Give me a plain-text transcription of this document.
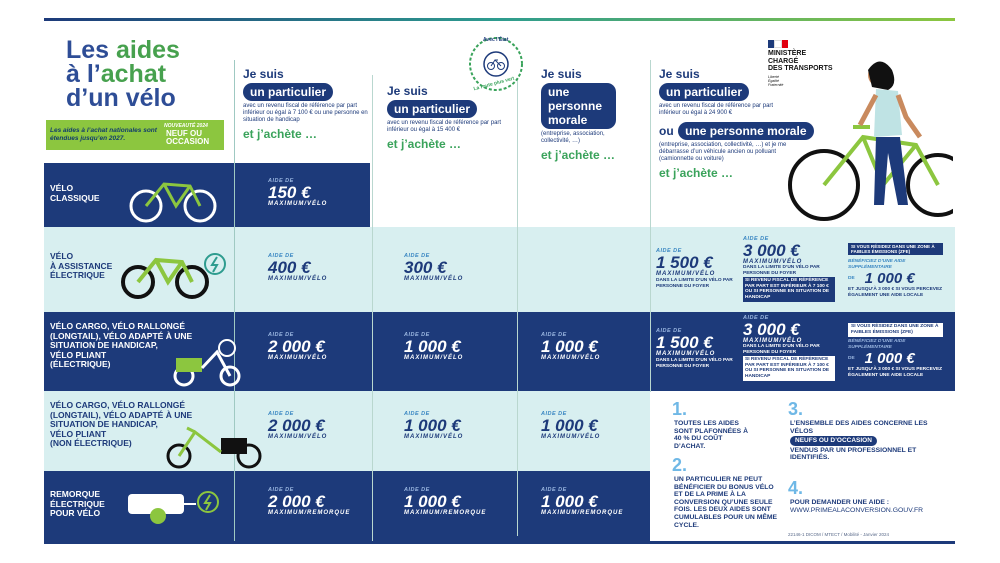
Les aides
à l’achat
d’un vélo
Les aides à l’achat nationales sont étendues jusqu’en 2027.
NOUVEAUTÉ 2024
NEUF OU
OCCASION
Avec l’État
La route plus vert
MINISTÈRE
CHARGÉ
DES TRANSPORTS
Liberté
Égalité
Fraternité
Je suis
un particulier
avec un revenu fiscal de référence par part inférieur ou égal à 7 100 € ou une personne en situation de handicap
et j’achète …
Je suis
un particulier
avec un revenu fiscal de référence par part inférieur ou égal à 15 400 €
et j’achète …
Je suis
une personne morale
(entreprise, association, collectivité, …)
et j’achète …
Je suis
un particulier
avec un revenu fiscal de référence par part inférieur ou égal à 24 900 €
ou une personne morale
(entreprise, association, collectivité, …) et je me débarrasse d’un véhicule ancien ou polluant (camionnette ou voiture)
et j’achète …
VÉLO
CLASSIQUE
VÉLO
À ASSISTANCE
ÉLECTRIQUE
VÉLO CARGO, VÉLO RALLONGÉ
(LONGTAIL), VÉLO ADAPTÉ À UNE
SITUATION DE HANDICAP,
VÉLO PLIANT
(ÉLECTRIQUE)
VÉLO CARGO, VÉLO RALLONGÉ
(LONGTAIL), VÉLO ADAPTÉ À UNE
SITUATION DE HANDICAP,
VÉLO PLIANT
(NON ÉLECTRIQUE)
REMORQUE
ÉLECTRIQUE
POUR VÉLO
AIDE DE
150 €
MAXIMUM/VÉLO
AIDE DE
400 €
MAXIMUM/VÉLO
AIDE DE
300 €
MAXIMUM/VÉLO
AIDE DE
1 500 €
MAXIMUM/VÉLO
DANS LA LIMITE D’UN VÉLO PAR PERSONNE DU FOYER
AIDE DE
3 000 €
MAXIMUM/VÉLO
DANS LA LIMITE D’UN VÉLO PAR PERSONNE DU FOYER
SI REVENU FISCAL DE RÉFÉRENCE PAR PART EST INFÉRIEUR À 7 100 € OU SI PERSONNE EN SITUATION DE HANDICAP
SI VOUS RÉSIDEZ DANS UNE ZONE À FAIBLES ÉMISSIONS (ZFE)
BÉNÉFICIEZ D’UNE AIDE SUPPLÉMENTAIRE
DE 1 000 €
ET JUSQU’À 3 000 € SI VOUS PERCEVEZ ÉGALEMENT UNE AIDE LOCALE
AIDE DE
2 000 €
MAXIMUM/VÉLO
AIDE DE
1 000 €
MAXIMUM/VÉLO
AIDE DE
1 000 €
MAXIMUM/VÉLO
AIDE DE
1 500 €
MAXIMUM/VÉLO
DANS LA LIMITE D’UN VÉLO PAR PERSONNE DU FOYER
AIDE DE
3 000 €
MAXIMUM/VÉLO
DANS LA LIMITE D’UN VÉLO PAR PERSONNE DU FOYER
SI REVENU FISCAL DE RÉFÉRENCE PAR PART EST INFÉRIEUR À 7 100 € OU SI PERSONNE EN SITUATION DE HANDICAP
SI VOUS RÉSIDEZ DANS UNE ZONE À FAIBLES ÉMISSIONS (ZFE)
BÉNÉFICIEZ D’UNE AIDE SUPPLÉMENTAIRE
DE 1 000 €
ET JUSQU’À 3 000 € SI VOUS PERCEVEZ ÉGALEMENT UNE AIDE LOCALE
AIDE DE
2 000 €
MAXIMUM/VÉLO
AIDE DE
1 000 €
MAXIMUM/VÉLO
AIDE DE
1 000 €
MAXIMUM/VÉLO
AIDE DE
2 000 €
MAXIMUM/REMORQUE
AIDE DE
1 000 €
MAXIMUM/REMORQUE
AIDE DE
1 000 €
MAXIMUM/REMORQUE
1.
TOUTES LES AIDES SONT PLAFONNÉES À 40 % DU COÛT D’ACHAT.
2.
UN PARTICULIER NE PEUT BÉNÉFICIER DU BONUS VÉLO ET DE LA PRIME À LA CONVERSION QU’UNE SEULE FOIS. LES DEUX AIDES SONT CUMULABLES POUR UN MÊME CYCLE.
3.
L’ENSEMBLE DES AIDES CONCERNE LES VÉLOS
NEUFS OU D’OCCASION
VENDUS PAR UN PROFESSIONNEL ET IDENTIFIÉS.
4.
POUR DEMANDER UNE AIDE :
WWW.PRIMEALACONVERSION.GOUV.FR
22146-1 DICOM / MTECT / Mobilité - Janvier 2024
